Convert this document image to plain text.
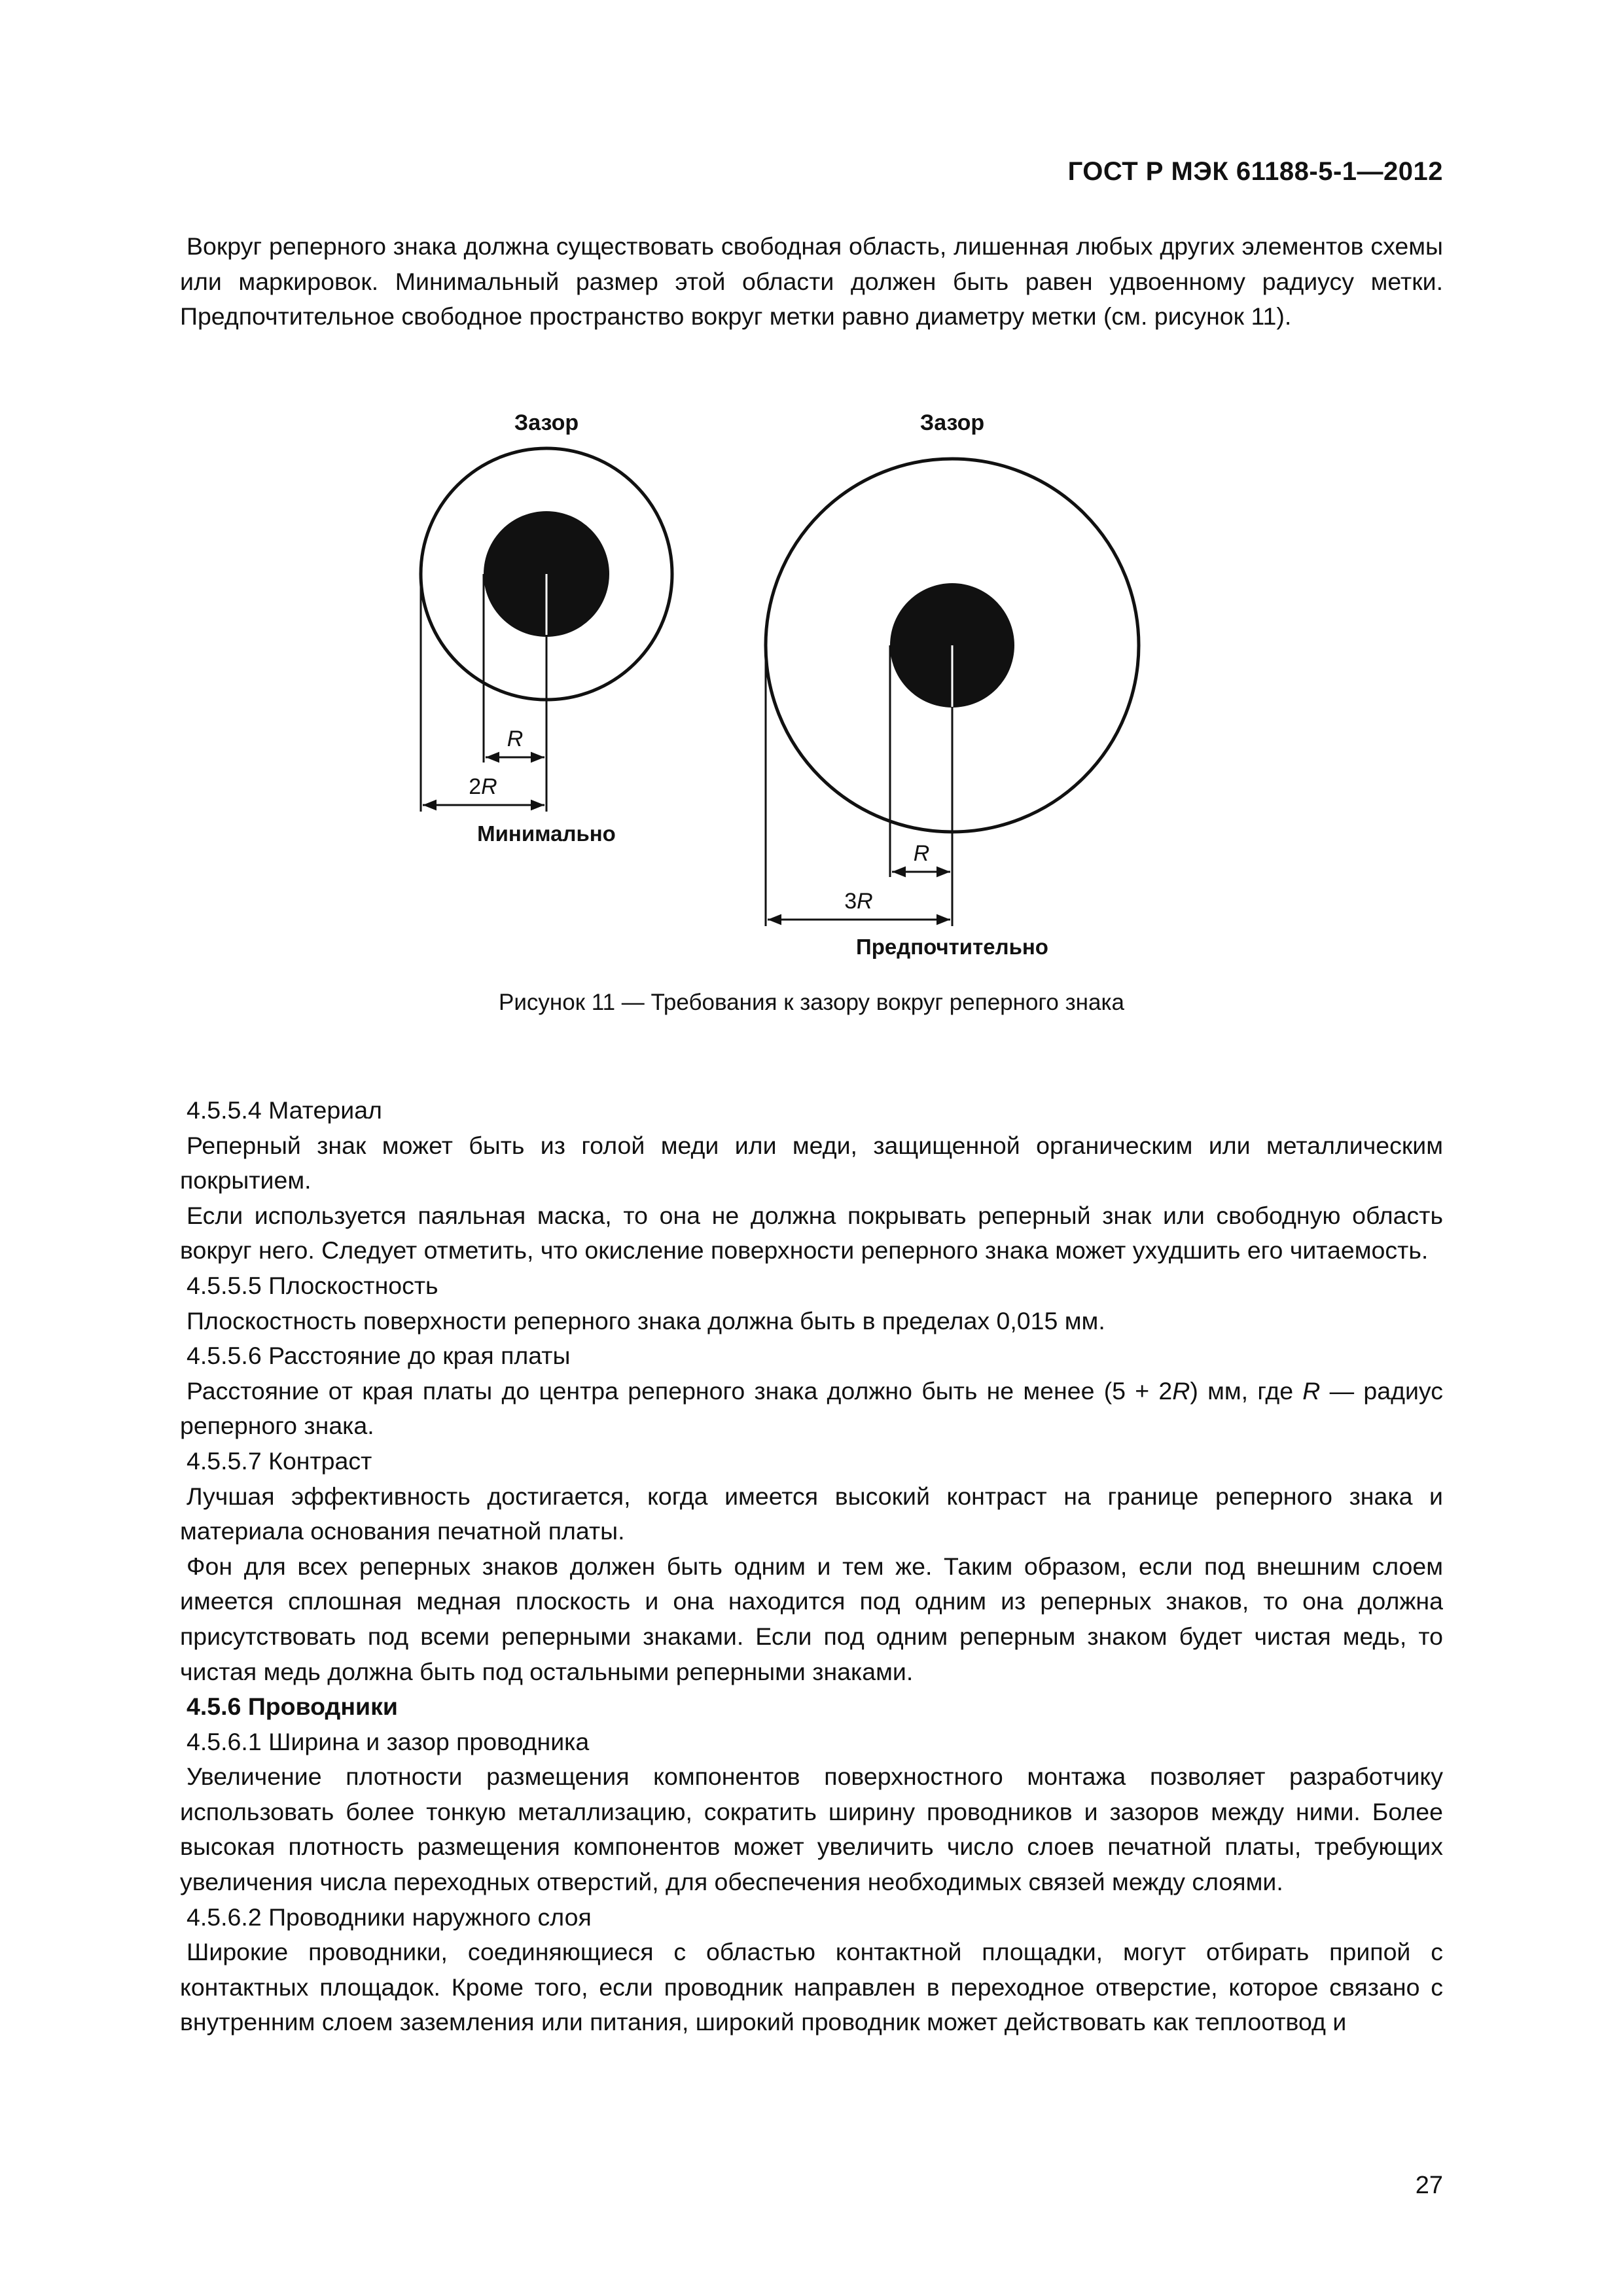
ГОСТ Р МЭК 61188-5-1—2012

Вокруг реперного знака должна существовать свободная область, лишенная любых других элементов схемы или маркировок. Минимальный размер этой области должен быть равен удвоенному радиусу метки. Предпочтительное свободное пространство вокруг метки равно диаметру метки (см. рисунок 11).

Зазор
R
2R
Минимально
Зазор
R
3R
Предпочтительно
Рисунок 11 — Требования к зазору вокруг реперного знака

4.5.5.4 Материал

Реперный знак может быть из голой меди или меди, защищенной органическим или металлическим покрытием.

Если используется паяльная маска, то она не должна покрывать реперный знак или свободную область вокруг него. Следует отметить, что окисление поверхности реперного знака может ухудшить его читаемость.

4.5.5.5 Плоскостность

Плоскостность поверхности реперного знака должна быть в пределах 0,015 мм.

4.5.5.6 Расстояние до края платы

Расстояние от края платы до центра реперного знака должно быть не менее (5 + 2R) мм, где R — радиус реперного знака.

4.5.5.7 Контраст

Лучшая эффективность достигается, когда имеется высокий контраст на границе реперного знака и материала основания печатной платы.

Фон для всех реперных знаков должен быть одним и тем же. Таким образом, если под внешним слоем имеется сплошная медная плоскость и она находится под одним из реперных знаков, то она должна присутствовать под всеми реперными знаками. Если под одним реперным знаком будет чистая медь, то чистая медь должна быть под остальными реперными знаками.

4.5.6 Проводники

4.5.6.1 Ширина и зазор проводника

Увеличение плотности размещения компонентов поверхностного монтажа позволяет разработчику использовать более тонкую металлизацию, сократить ширину проводников и зазоров между ними. Более высокая плотность размещения компонентов может увеличить число слоев печатной платы, требующих увеличения числа переходных отверстий, для обеспечения необходимых связей между слоями.

4.5.6.2 Проводники наружного слоя

Широкие проводники, соединяющиеся с областью контактной площадки, могут отбирать припой с контактных площадок. Кроме того, если проводник направлен в переходное отверстие, которое связано с внутренним слоем заземления или питания, широкий проводник может действовать как теплоотвод и

27
